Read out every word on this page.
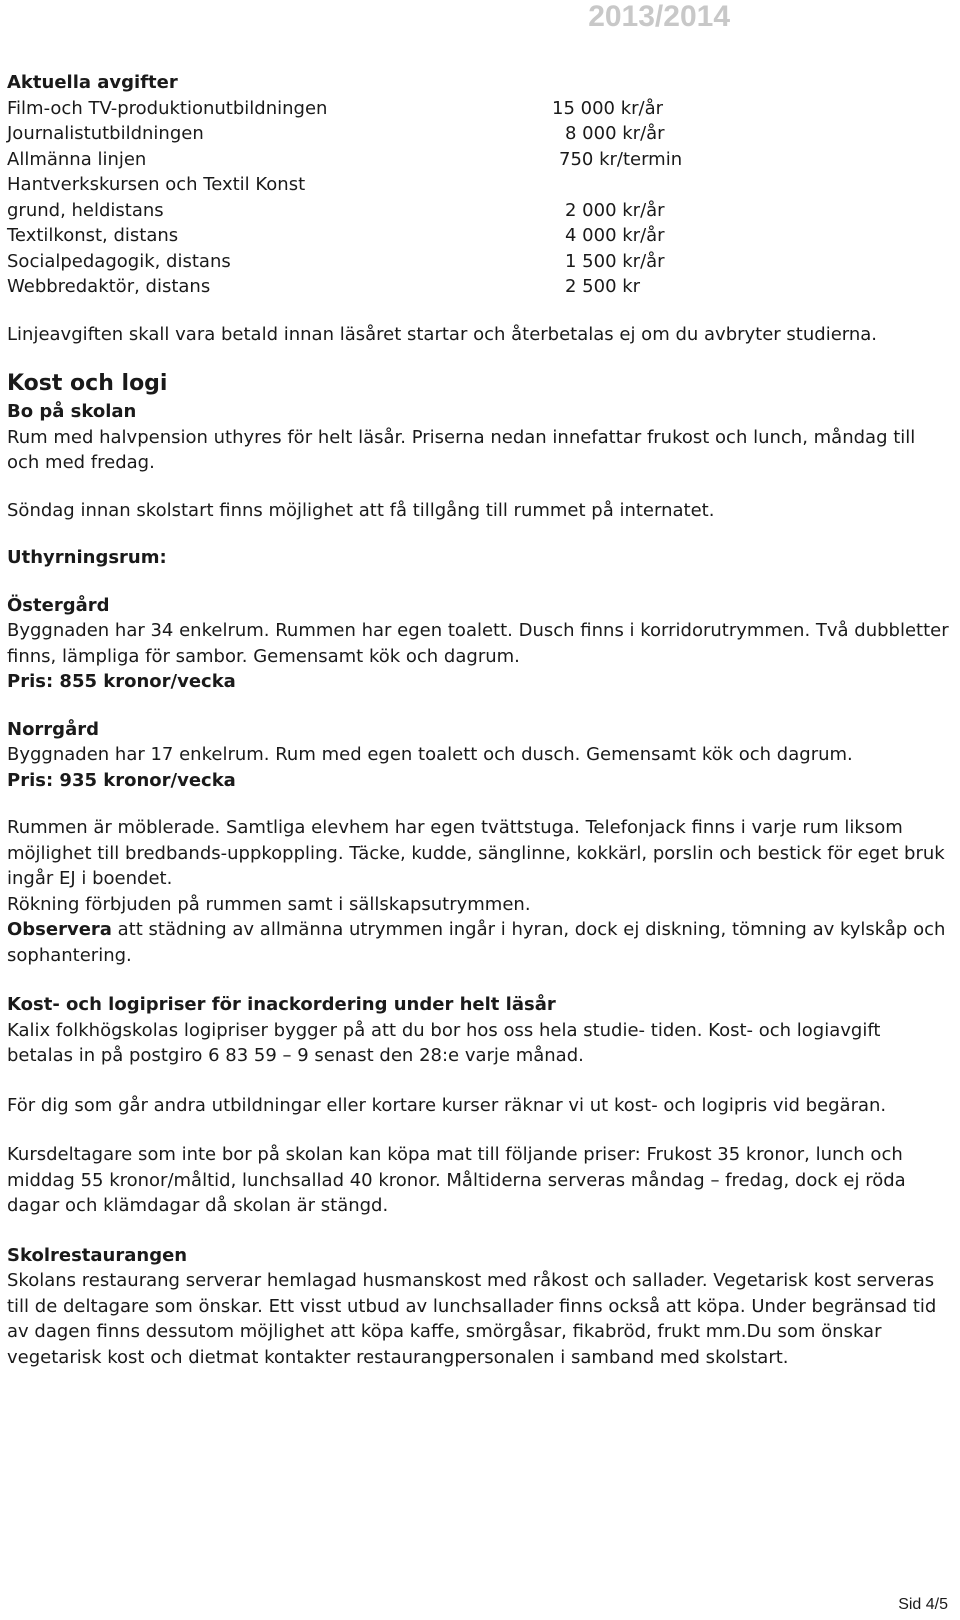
2013/2014
Aktuella avgifter
Film-och TV-produktionutbildningen	15 000 kr/år
Journalistutbildningen	8 000 kr/år
Allmänna linjen	750 kr/termin
Hantverkskursen och Textil Konst
grund, heldistans	2 000 kr/år
Textilkonst, distans	4 000 kr/år
Socialpedagogik, distans	1 500 kr/år
Webbredaktör, distans	2 500 kr

Linjeavgiften skall vara betald innan läsåret startar och återbetalas ej om du avbryter studierna.

Kost och logi
Bo på skolan

Rum med halvpension uthyres för helt läsår. Priserna nedan innefattar frukost och lunch, måndag till och med fredag.

Söndag innan skolstart finns möjlighet att få tillgång till rummet på internatet.

Uthyrningsrum:
Östergård

Byggnaden har 34 enkelrum. Rummen har egen toalett. Dusch finns i korridorutrymmen. Två dubbletter finns, lämpliga för sambor. Gemensamt kök och dagrum.

Pris: 855 kronor/vecka
Norrgård

Byggnaden har 17 enkelrum. Rum med egen toalett och dusch. Gemensamt kök och dagrum.

Pris: 935 kronor/vecka

Rummen är möblerade. Samtliga elevhem har egen tvättstuga. Telefonjack finns i varje rum liksom möjlighet till bredbands-uppkoppling. Täcke, kudde, sänglinne, kokkärl, porslin och bestick för eget bruk ingår EJ i boendet.

Rökning förbjuden på rummen samt i sällskapsutrymmen.

Observera att städning av allmänna utrymmen ingår i hyran, dock ej diskning, tömning av kylskåp och sophantering.

Kost- och logipriser för inackordering under helt läsår

Kalix folkhögskolas logipriser bygger på att du bor hos oss hela studie- tiden. Kost- och logiavgift betalas in på postgiro 6 83 59 – 9 senast den 28:e varje månad.

För dig som går andra utbildningar eller kortare kurser räknar vi ut kost- och logipris vid begäran.

Kursdeltagare som inte bor på skolan kan köpa mat till följande priser: Frukost 35 kronor, lunch och middag 55 kronor/måltid, lunchsallad 40 kronor. Måltiderna serveras måndag – fredag, dock ej röda dagar och klämdagar då skolan är stängd.

Skolrestaurangen

Skolans restaurang serverar hemlagad husmanskost med råkost och sallader. Vegetarisk kost serveras till de deltagare som önskar. Ett visst utbud av lunchsallader finns också att köpa. Under begränsad tid av dagen finns dessutom möjlighet att köpa kaffe, smörgåsar, fikabröd, frukt mm.Du som önskar vegetarisk kost och dietmat kontakter restaurangpersonalen i samband med skolstart.

Sid 4/5
